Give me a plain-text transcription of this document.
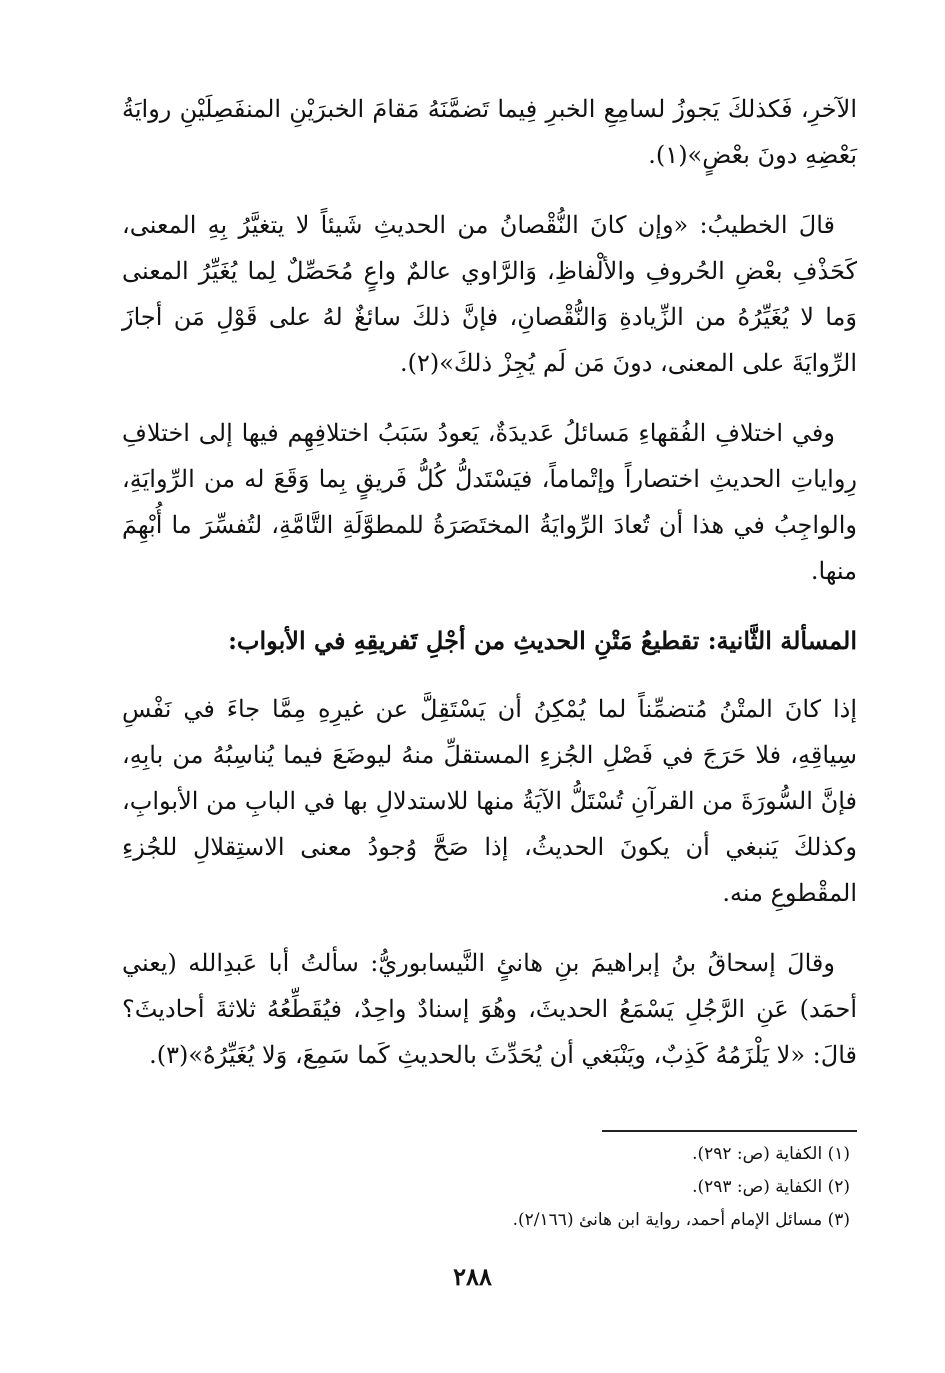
الآخرِ، فَكذلكَ يَجوزُ لسامِعِ الخبرِ فِيما تَضمَّنَهُ مَقامَ الخبرَيْنِ المنفَصِلَيْنِ روايَةُ بَعْضِهِ دونَ بعْضٍ»(١).

قالَ الخطيبُ: «وإن كانَ النُّقْصانُ من الحديثِ شَيئاً لا يتغيَّرُ بِهِ المعنى، كَحَذْفِ بعْضِ الحُروفِ والألْفاظِ، وَالرَّاوي عالمٌ واعٍ مُحَصِّلٌ لِما يُغَيِّرُ المعنى وَما لا يُغَيِّرُهُ من الزِّيادةِ وَالنُّقْصانِ، فإنَّ ذلكَ سائغٌ لهُ على قَوْلِ مَن أجازَ الرِّوايَةَ على المعنى، دونَ مَن لَم يُجِزْ ذلكَ»(٢).

وفي اختلافِ الفُقهاءِ مَسائلُ عَديدَةٌ، يَعودُ سَبَبُ اختلافِهِم فيها إلى اختلافِ رِواياتِ الحديثِ اختصاراً وإتْماماً، فيَسْتَدلُّ كُلُّ فَريقٍ بِما وَقَعَ له من الرِّوايَةِ، والواجِبُ في هذا أن تُعادَ الرِّوايَةُ المختَصَرَةُ للمطوَّلَةِ التَّامَّةِ، لتُفسِّرَ ما أُبْهِمَ منها.

المسألة الثَّانية: تقطيعُ مَتْنِ الحديثِ من أجْلِ تَفريقِهِ في الأبواب:

إذا كانَ المتْنُ مُتضمِّناً لما يُمْكِنُ أن يَسْتَقِلَّ عن غيرِهِ مِمَّا جاءَ في نَفْسِ سِياقِهِ، فلا حَرَجَ في فَصْلِ الجُزءِ المستقلِّ منهُ ليوضَعَ فيما يُناسِبُهُ من بابِهِ، فإنَّ السُّورَةَ من القرآنِ تُسْتَلُّ الآيَةُ منها للاستدلالِ بها في البابِ من الأبوابِ، وكذلكَ يَنبغي أن يكونَ الحديثُ، إذا صَحَّ وُجودُ معنى الاستِقلالِ للجُزءِ المقْطوعِ منه.

وقالَ إسحاقُ بنُ إبراهيمَ بنِ هانئٍ النَّيسابوريُّ: سألتُ أبا عَبدِالله (يعني أحمَد) عَنِ الرَّجُلِ يَسْمَعُ الحديثَ، وهُوَ إسنادٌ واحِدٌ، فيُقَطِّعُهُ ثلاثةَ أحاديثَ؟ قالَ: «لا يَلْزَمُهُ كَذِبٌ، ويَنْبَغي أن يُحَدِّثَ بالحديثِ كَما سَمِعَ، وَلا يُغَيِّرُهُ»(٣).

(١) الكفاية (ص: ٢٩٢).

(٢) الكفاية (ص: ٢٩٣).

(٣) مسائل الإمام أحمد، رواية ابن هانئ (٢/١٦٦).

٢٨٨
